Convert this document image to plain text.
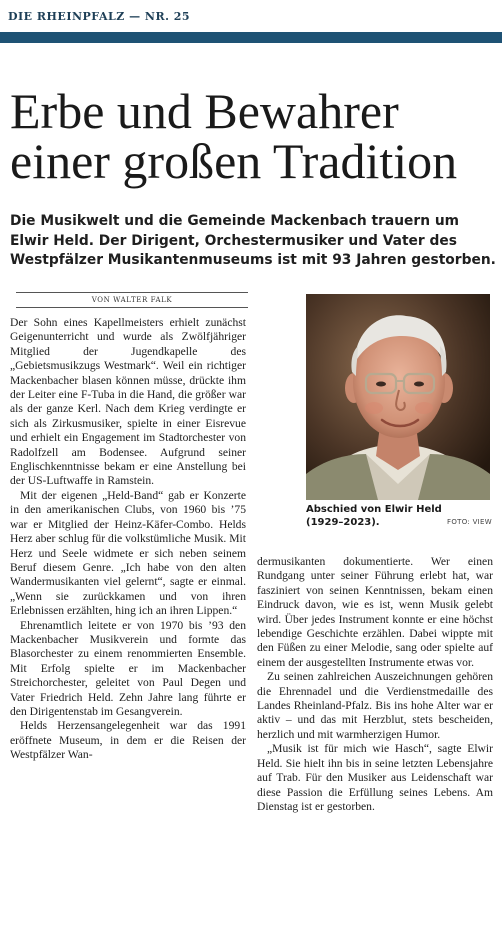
DIE RHEINPFALZ — NR. 25
Erbe und Bewahrer
einer großen Tradition

Die Musikwelt und die Gemeinde Mackenbach trauern um Elwir Held. Der Dirigent, Orchestermusiker und Vater des Westpfälzer Musikantenmuseums ist mit 93 Jahren gestorben.

VON WALTER FALK

Der Sohn eines Kapellmeisters erhielt zunächst Geigenunterricht und wurde als Zwölfjähriger Mitglied der Jugendkapelle des „Gebietsmusikzugs Westmark“. Weil ein richtiger Mackenbacher blasen können müsse, drückte ihm der Leiter eine F-Tuba in die Hand, die größer war als der ganze Kerl. Nach dem Krieg verdingte er sich als Zirkusmusiker, spielte in einer Eisrevue und erhielt ein Engagement im Stadtorchester von Radolfzell am Bodensee. Aufgrund seiner Englischkenntnisse bekam er eine Anstellung bei der US-Luftwaffe in Ramstein.

Mit der eigenen „Held-Band“ gab er Konzerte in den amerikanischen Clubs, von 1960 bis ’75 war er Mitglied der Heinz-Käfer-Combo. Helds Herz aber schlug für die volkstümliche Musik. Mit Herz und Seele widmete er sich neben seinem Beruf diesem Genre. „Ich habe von den alten Wandermusikanten viel gelernt“, sagte er einmal. „Wenn sie zurückkamen und von ihren Erlebnissen erzählten, hing ich an ihren Lippen.“

Ehrenamtlich leitete er von 1970 bis ’93 den Mackenbacher Musikverein und formte das Blasorchester zu einem renommierten Ensemble. Mit Erfolg spielte er im Mackenbacher Streichorchester, geleitet von Paul Degen und Vater Friedrich Held. Zehn Jahre lang führte er den Dirigentenstab im Gesangverein.

Helds Herzensangelegenheit war das 1991 eröffnete Museum, in dem er die Reisen der Westpfälzer Wan-

Abschied von Elwir Held
(1929–2023).	FOTO: VIEW

dermusikanten dokumentierte. Wer einen Rundgang unter seiner Führung erlebt hat, war fasziniert von seinen Kenntnissen, bekam einen Eindruck davon, wie es ist, wenn Musik gelebt wird. Über jedes Instrument konnte er eine höchst lebendige Geschichte erzählen. Dabei wippte mit den Füßen zu einer Melodie, sang oder spielte auf einem der ausgestellten Instrumente etwas vor.

Zu seinen zahlreichen Auszeichnungen gehören die Ehrennadel und die Verdienstmedaille des Landes Rheinland-Pfalz. Bis ins hohe Alter war er aktiv – und das mit Herzblut, stets bescheiden, herzlich und mit warmherzigen Humor.

„Musik ist für mich wie Hasch“, sagte Elwir Held. Sie hielt ihn bis in seine letzten Lebensjahre auf Trab. Für den Musiker aus Leidenschaft war diese Passion die Erfüllung seines Lebens. Am Dienstag ist er gestorben.
